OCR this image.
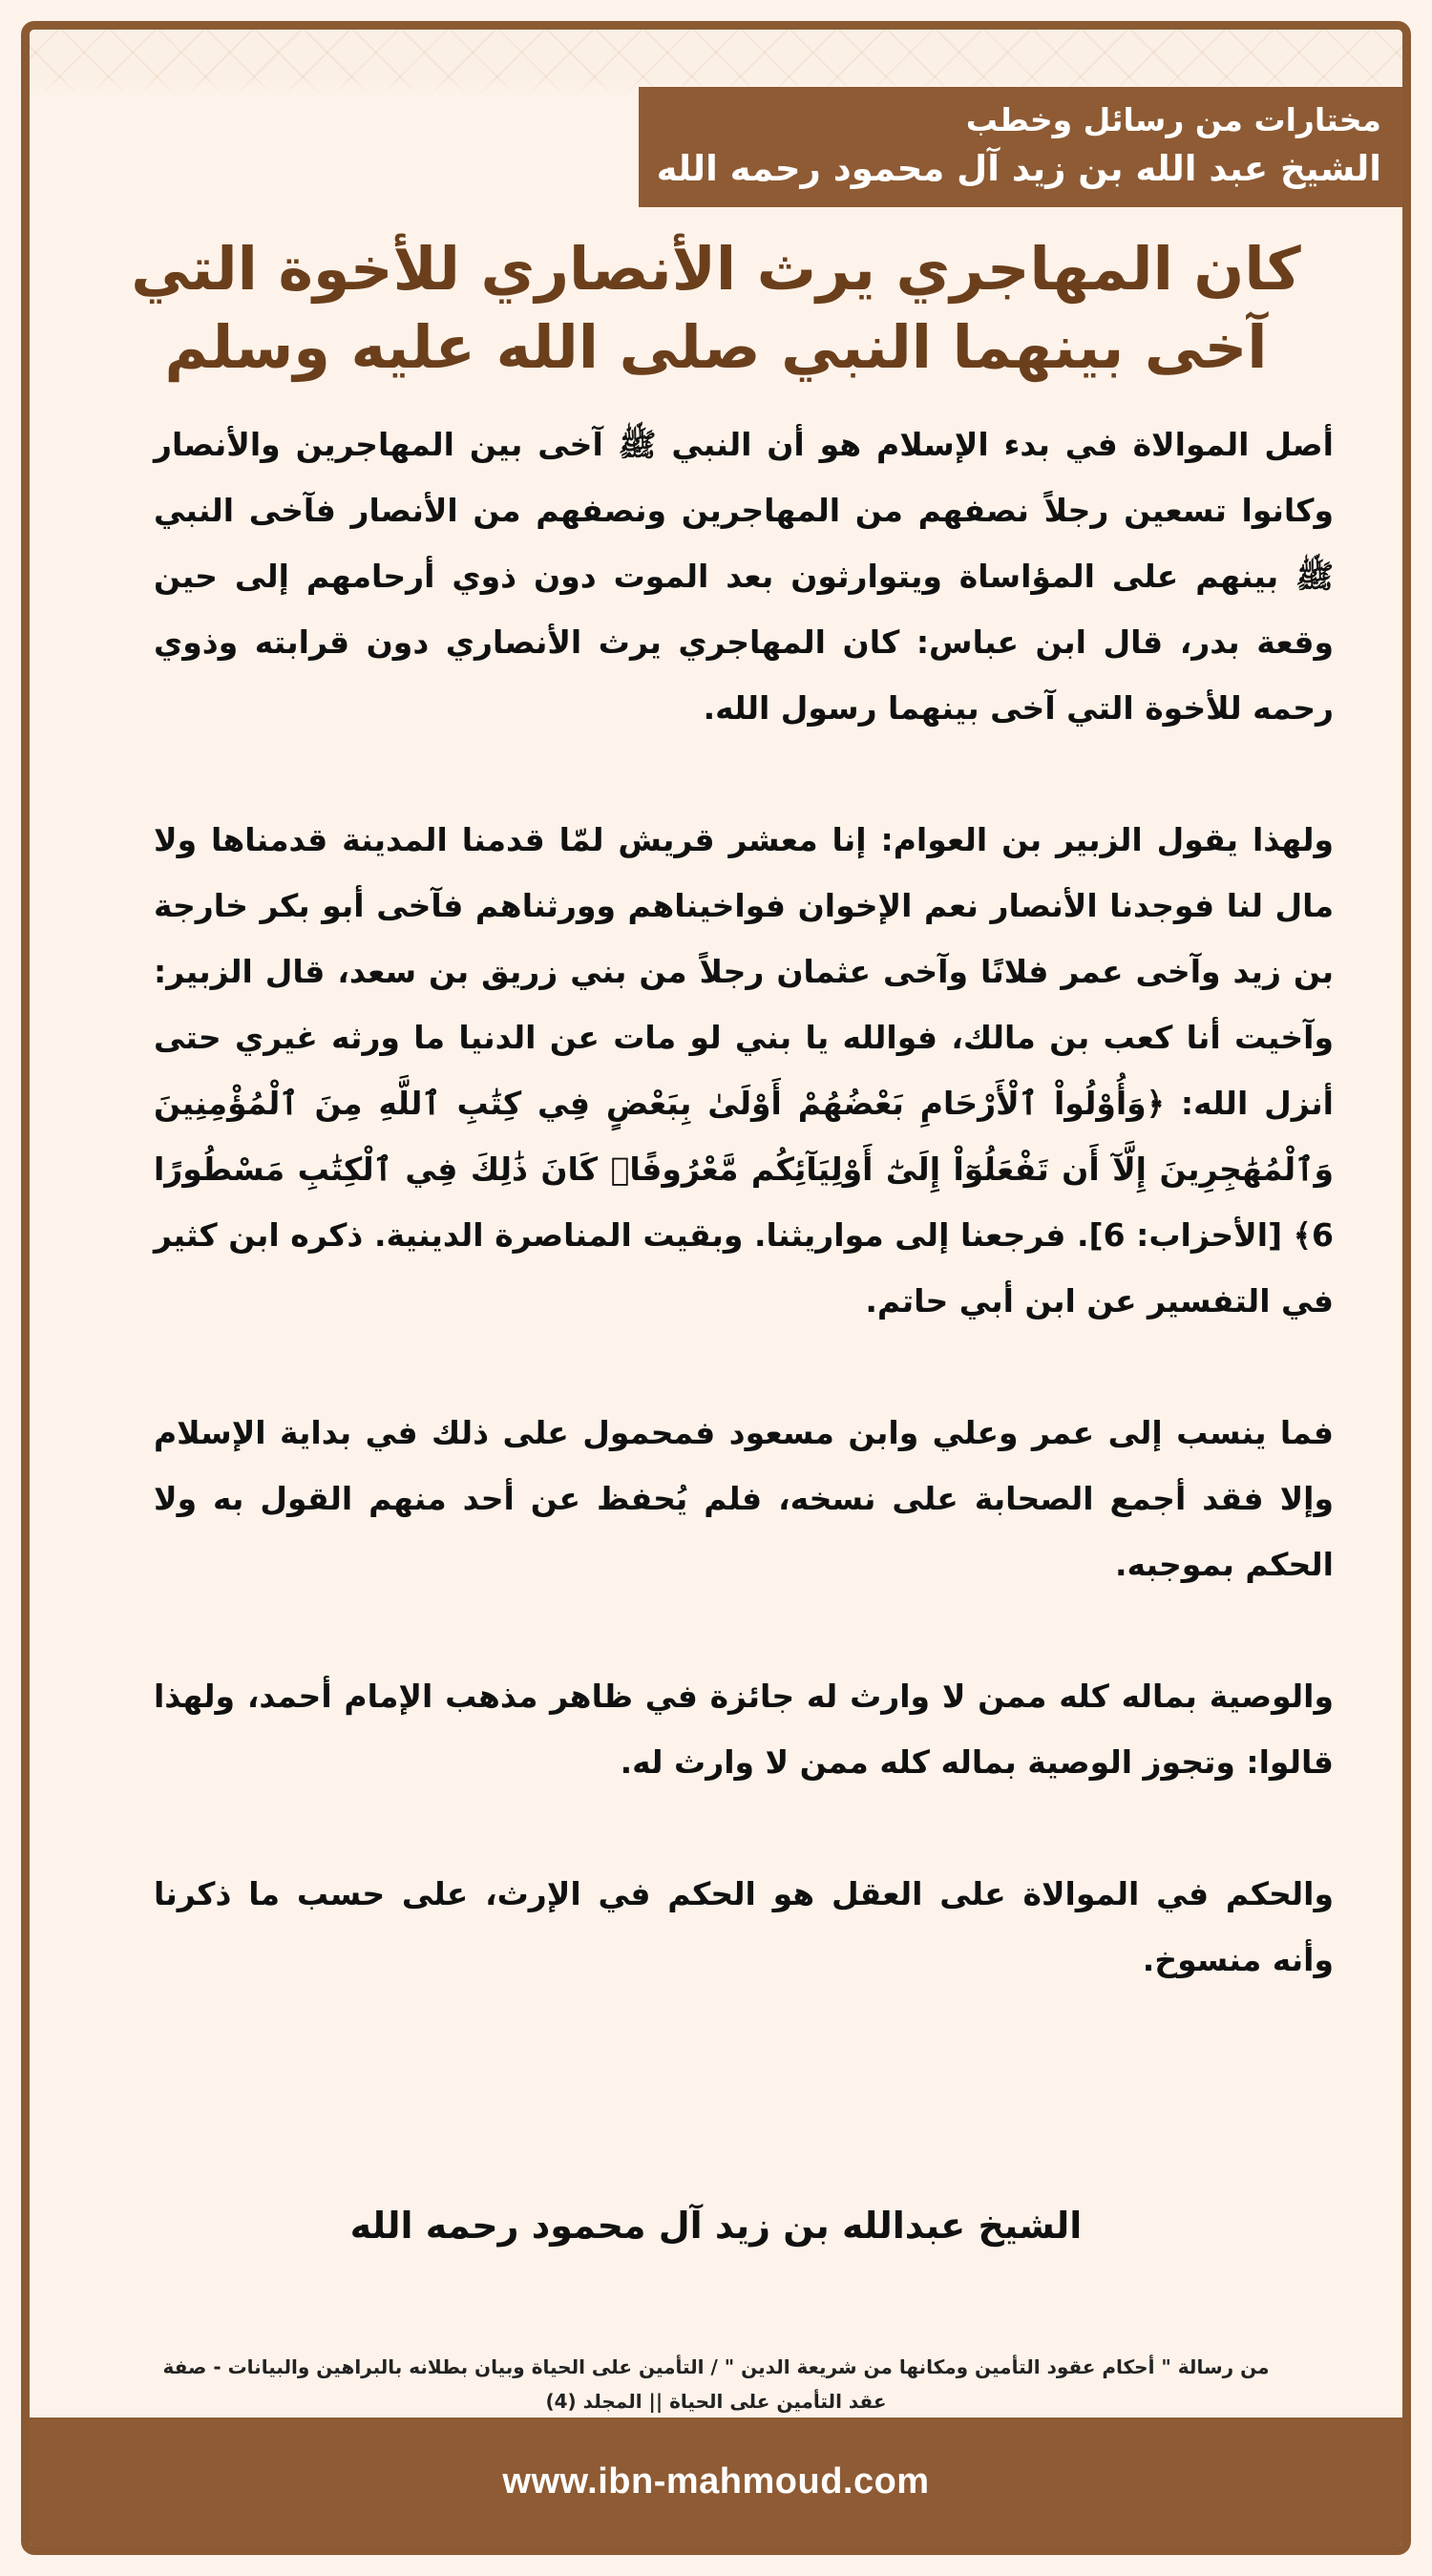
مختارات من رسائل وخطب
الشيخ عبد الله بن زيد آل محمود رحمه الله
كان المهاجري يرث الأنصاري للأخوة التي آخى بينهما النبي صلى الله عليه وسلم

أصل الموالاة في بدء الإسلام هو أن النبي ﷺ آخى بين المهاجرين والأنصار وكانوا تسعين رجلاً نصفهم من المهاجرين ونصفهم من الأنصار فآخى النبي ﷺ بينهم على المؤاساة ويتوارثون بعد الموت دون ذوي أرحامهم إلى حين وقعة بدر، قال ابن عباس: كان المهاجري يرث الأنصاري دون قرابته وذوي رحمه للأخوة التي آخى بينهما رسول الله.

ولهذا يقول الزبير بن العوام: إنا معشر قريش لمّا قدمنا المدينة قدمناها ولا مال لنا فوجدنا الأنصار نعم الإخوان فواخيناهم وورثناهم فآخى أبو بكر خارجة بن زيد وآخى عمر فلانًا وآخى عثمان رجلاً من بني زريق بن سعد، قال الزبير: وآخيت أنا كعب بن مالك، فوالله يا بني لو مات عن الدنيا ما ورثه غيري حتى أنزل الله: ﴿وَأُوْلُواْ ٱلْأَرْحَامِ بَعْضُهُمْ أَوْلَىٰ بِبَعْضٍ فِي كِتَٰبِ ٱللَّهِ مِنَ ٱلْمُؤْمِنِينَ وَٱلْمُهَٰجِرِينَ إِلَّآ أَن تَفْعَلُوٓاْ إِلَىٰٓ أَوْلِيَآئِكُم مَّعْرُوفًاۚ كَانَ ذَٰلِكَ فِي ٱلْكِتَٰبِ مَسْطُورًا 6﴾ [الأحزاب: 6]. فرجعنا إلى مواريثنا. وبقيت المناصرة الدينية. ذكره ابن كثير في التفسير عن ابن أبي حاتم.

فما ينسب إلى عمر وعلي وابن مسعود فمحمول على ذلك في بداية الإسلام وإلا فقد أجمع الصحابة على نسخه، فلم يُحفظ عن أحد منهم القول به ولا الحكم بموجبه.

والوصية بماله كله ممن لا وارث له جائزة في ظاهر مذهب الإمام أحمد، ولهذا قالوا: وتجوز الوصية بماله كله ممن لا وارث له.

والحكم في الموالاة على العقل هو الحكم في الإرث، على حسب ما ذكرنا وأنه منسوخ.

الشيخ عبدالله بن زيد آل محمود رحمه الله
من رسالة " أحكام عقود التأمين ومكانها من شريعة الدين " / التأمين على الحياة وبيان بطلانه بالبراهين والبيانات - صفة
عقد التأمين على الحياة || المجلد (4)
www.ibn-mahmoud.com
